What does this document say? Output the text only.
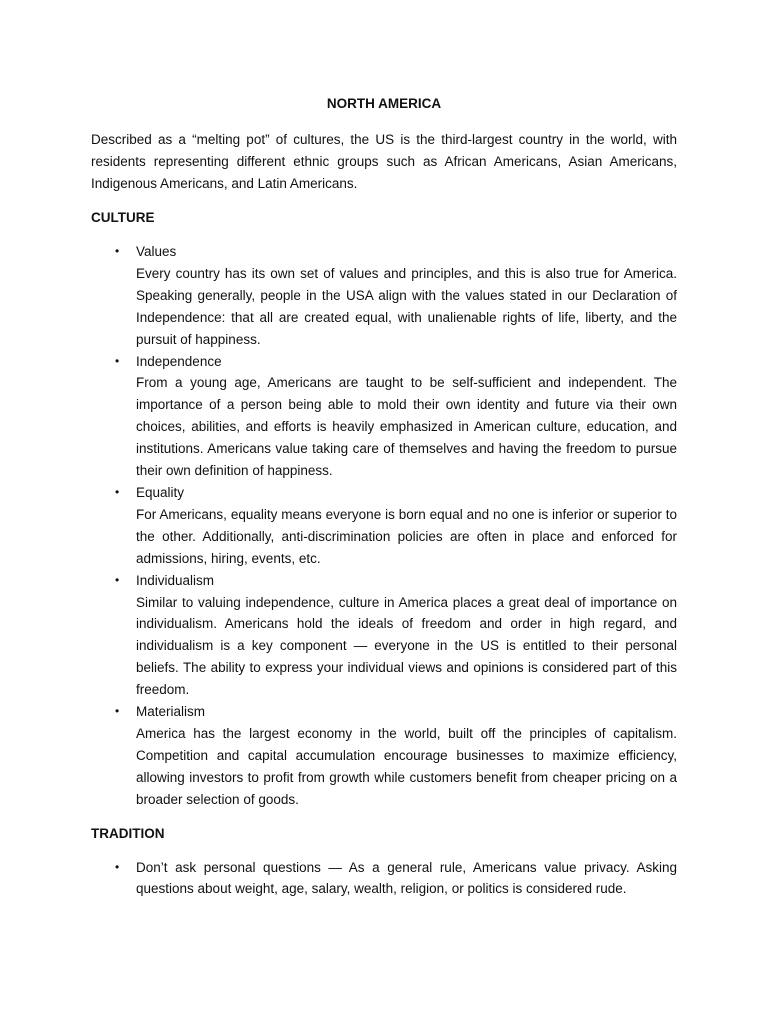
NORTH AMERICA

Described as a “melting pot” of cultures, the US is the third-largest country in the world, with residents representing different ethnic groups such as African Americans, Asian Americans, Indigenous Americans, and Latin Americans.

CULTURE
• Values
Every country has its own set of values and principles, and this is also true for America. Speaking generally, people in the USA align with the values stated in our Declaration of Independence: that all are created equal, with unalienable rights of life, liberty, and the pursuit of happiness.
• Independence
From a young age, Americans are taught to be self-sufficient and independent. The importance of a person being able to mold their own identity and future via their own choices, abilities, and efforts is heavily emphasized in American culture, education, and institutions. Americans value taking care of themselves and having the freedom to pursue their own definition of happiness.
• Equality
For Americans, equality means everyone is born equal and no one is inferior or superior to the other. Additionally, anti-discrimination policies are often in place and enforced for admissions, hiring, events, etc.
• Individualism
Similar to valuing independence, culture in America places a great deal of importance on individualism. Americans hold the ideals of freedom and order in high regard, and individualism is a key component — everyone in the US is entitled to their personal beliefs. The ability to express your individual views and opinions is considered part of this freedom.
• Materialism
America has the largest economy in the world, built off the principles of capitalism. Competition and capital accumulation encourage businesses to maximize efficiency, allowing investors to profit from growth while customers benefit from cheaper pricing on a broader selection of goods.
TRADITION
• Don’t ask personal questions — As a general rule, Americans value privacy. Asking questions about weight, age, salary, wealth, religion, or politics is considered rude.
